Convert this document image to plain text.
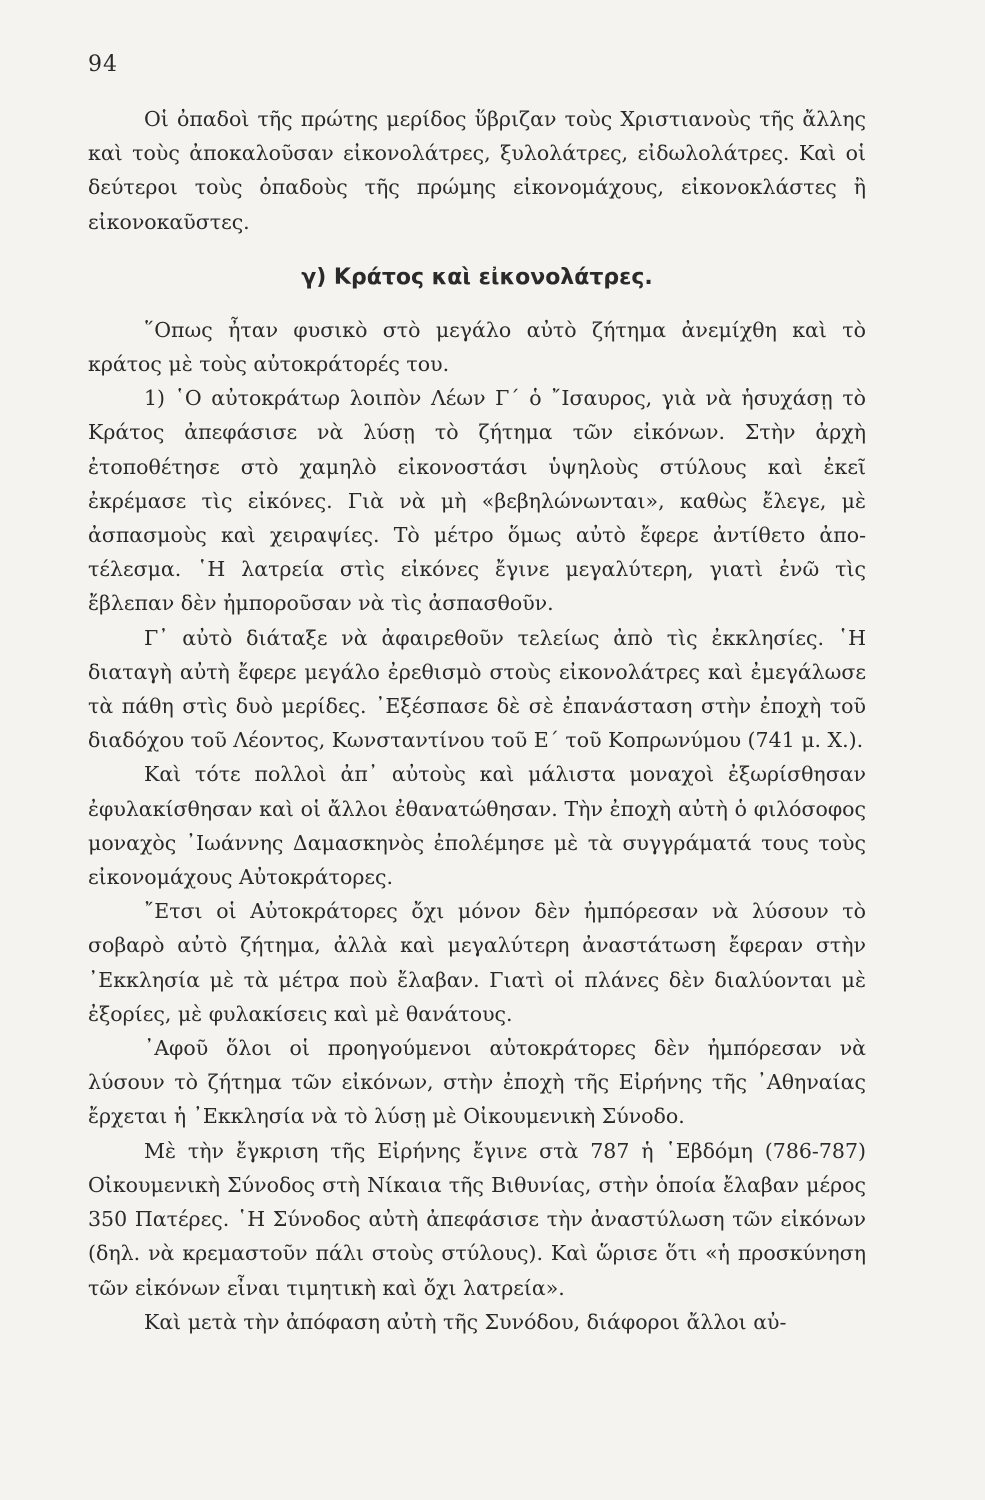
94

Οἱ ὀπαδοὶ τῆς πρώτης μερίδος ὕβριζαν τοὺς Χριστιανοὺς τῆς ἄλλης καὶ τοὺς ἀποκαλοῦσαν εἰκονολάτρες, ξυλολάτρες, εἰδωλολάτρες. Καὶ οἱ δεύτεροι τοὺς ὀπαδοὺς τῆς πρώμης εἰκονομάχους, εἰκονοκλάστες ἢ εἰκονοκαῦστες.

γ) Κράτος καὶ εἰκονολάτρες.

῞Οπως ἦταν φυσικὸ στὸ μεγάλο αὐτὸ ζήτημα ἀνεμίχθη καὶ τὸ κράτος μὲ τοὺς αὐτοκράτορές του.

1) ῾Ο αὐτοκράτωρ λοιπὸν Λέων Γ΄ ὁ ῎Ισαυρος, γιὰ νὰ ἡσυχάσῃ τὸ Κράτος ἀπεφάσισε νὰ λύσῃ τὸ ζήτημα τῶν εἰκόνων. Στὴν ἀρχὴ ἐτοποθέτησε στὸ χαμηλὸ εἰκονοστάσι ὑψηλοὺς στύλους καὶ ἐκεῖ ἐκρέμασε τὶς εἰκόνες. Γιὰ νὰ μὴ «βεβηλώνωνται», καθὼς ἔλεγε, μὲ ἀσπασμοὺς καὶ χειραψίες. Τὸ μέτρο ὅμως αὐτὸ ἔφερε ἀντίθετο ἀποτέλεσμα. ῾Η λατρεία στὶς εἰκόνες ἔγινε μεγαλύτερη, γιατὶ ἐνῶ τὶς ἔβλεπαν δὲν ἠμποροῦσαν νὰ τὶς ἀσπασθοῦν.

Γ᾽ αὐτὸ διάταξε νὰ ἀφαιρεθοῦν τελείως ἀπὸ τὶς ἐκκλησίες. ῾Η διαταγὴ αὐτὴ ἔφερε μεγάλο ἐρεθισμὸ στοὺς εἰκονολάτρες καὶ ἐμεγάλωσε τὰ πάθη στὶς δυὸ μερίδες. ᾿Εξέσπασε δὲ σὲ ἐπανάσταση στὴν ἐποχὴ τοῦ διαδόχου τοῦ Λέοντος, Κωνσταντίνου τοῦ Ε΄ τοῦ Κοπρωνύμου (741 μ. Χ.).

Καὶ τότε πολλοὶ ἀπ᾽ αὐτοὺς καὶ μάλιστα μοναχοὶ ἐξωρίσθησαν ἐφυλακίσθησαν καὶ οἱ ἄλλοι ἐθανατώθησαν. Τὴν ἐποχὴ αὐτὴ ὁ φιλόσοφος μοναχὸς ᾿Ιωάννης Δαμασκηνὸς ἐπολέμησε μὲ τὰ συγγράματά τους τοὺς εἰκονομάχους Αὐτοκράτορες.

῎Ετσι οἱ Αὐτοκράτορες ὄχι μόνον δὲν ἠμπόρεσαν νὰ λύσουν τὸ σοβαρὸ αὐτὸ ζήτημα, ἀλλὰ καὶ μεγαλύτερη ἀναστάτωση ἔφεραν στὴν ᾿Εκκλησία μὲ τὰ μέτρα ποὺ ἔλαβαν. Γιατὶ οἱ πλάνες δὲν διαλύονται μὲ ἐξορίες, μὲ φυλακίσεις καὶ μὲ θανάτους.

᾿Αφοῦ ὅλοι οἱ προηγούμενοι αὐτοκράτορες δὲν ἠμπόρεσαν νὰ λύσουν τὸ ζήτημα τῶν εἰκόνων, στὴν ἐποχὴ τῆς Εἰρήνης τῆς ᾿Αθηναίας ἔρχεται ἡ ᾿Εκκλησία νὰ τὸ λύσῃ μὲ Οἰκουμενικὴ Σύνοδο.

Μὲ τὴν ἔγκριση τῆς Εἰρήνης ἔγινε στὰ 787 ἡ ῾Εβδόμη (786-787) Οἰκουμενικὴ Σύνοδος στὴ Νίκαια τῆς Βιθυνίας, στὴν ὁποία ἔλαβαν μέρος 350 Πατέρες. ῾Η Σύνοδος αὐτὴ ἀπεφάσισε τὴν ἀναστύλωση τῶν εἰκόνων (δηλ. νὰ κρεμαστοῦν πάλι στοὺς στύλους). Καὶ ὥρισε ὅτι «ἡ προσκύνηση τῶν εἰκόνων εἶναι τιμητικὴ καὶ ὄχι λατρεία».

Καὶ μετὰ τὴν ἀπόφαση αὐτὴ τῆς Συνόδου, διάφοροι ἄλλοι αὐ-
